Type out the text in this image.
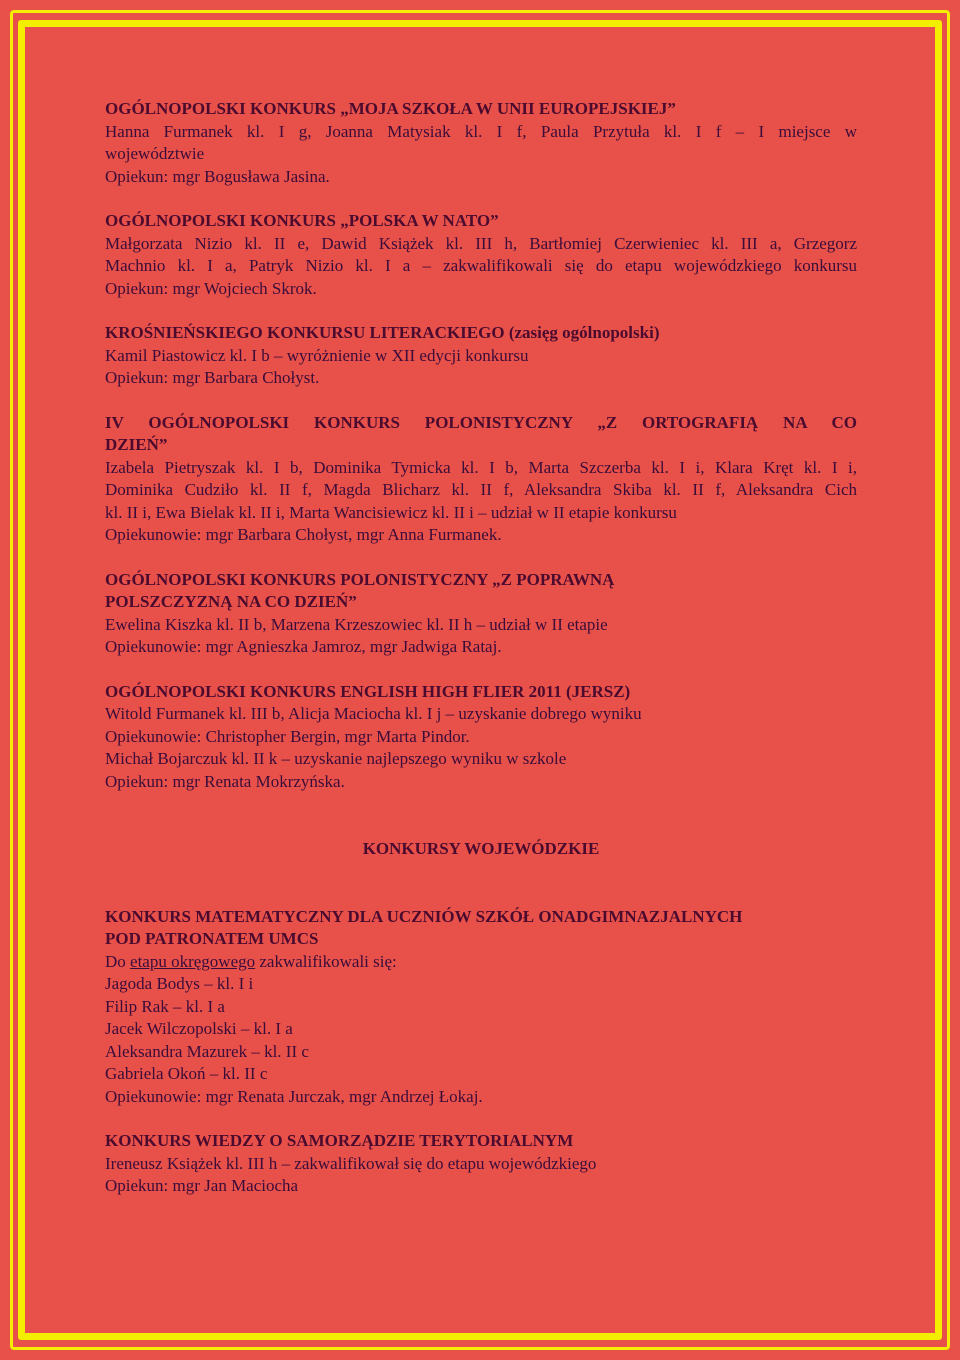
OGÓLNOPOLSKI KONKURS „MOJA SZKOŁA W UNII EUROPEJSKIEJ”
Hanna Furmanek kl. I g, Joanna Matysiak kl. I f, Paula Przytuła kl. I f – I miejsce w
województwie
Opiekun: mgr Bogusława Jasina.
OGÓLNOPOLSKI KONKURS „POLSKA W NATO”
Małgorzata Nizio kl. II e, Dawid Książek kl. III h, Bartłomiej Czerwieniec kl. III a, Grzegorz
Machnio kl. I a, Patryk Nizio kl. I a – zakwalifikowali się do etapu wojewódzkiego konkursu
Opiekun: mgr Wojciech Skrok.
KROŚNIEŃSKIEGO KONKURSU LITERACKIEGO (zasięg ogólnopolski)
Kamil Piastowicz kl. I b – wyróżnienie w XII edycji konkursu
Opiekun: mgr Barbara Chołyst.
IV OGÓLNOPOLSKI KONKURS POLONISTYCZNY „Z ORTOGRAFIĄ NA CO
DZIEŃ”
Izabela Pietryszak kl. I b, Dominika Tymicka kl. I b, Marta Szczerba kl. I i, Klara Kręt kl. I i,
Dominika Cudziło kl. II f, Magda Blicharz kl. II f, Aleksandra Skiba kl. II f, Aleksandra Cich
kl. II i, Ewa Bielak kl. II i, Marta Wancisiewicz kl. II i – udział w II etapie konkursu
Opiekunowie: mgr Barbara Chołyst, mgr Anna Furmanek.
OGÓLNOPOLSKI KONKURS POLONISTYCZNY „Z POPRAWNĄ
POLSZCZYZNĄ NA CO DZIEŃ”
Ewelina Kiszka kl. II b, Marzena Krzeszowiec kl. II h – udział w II etapie
Opiekunowie: mgr Agnieszka Jamroz, mgr Jadwiga Rataj.
OGÓLNOPOLSKI KONKURS ENGLISH HIGH FLIER 2011 (JERSZ)
Witold Furmanek kl. III b, Alicja Maciocha kl. I j – uzyskanie dobrego wyniku
Opiekunowie: Christopher Bergin, mgr Marta Pindor.
Michał Bojarczuk kl. II k – uzyskanie najlepszego wyniku w szkole
Opiekun: mgr Renata Mokrzyńska.
KONKURSY WOJEWÓDZKIE
KONKURS MATEMATYCZNY DLA UCZNIÓW SZKÓŁ ONADGIMNAZJALNYCH
POD PATRONATEM UMCS
Do etapu okręgowego zakwalifikowali się:
Jagoda Bodys – kl. I i
Filip Rak – kl. I a
Jacek Wilczopolski – kl. I a
Aleksandra Mazurek – kl. II c
Gabriela Okoń – kl. II c
Opiekunowie: mgr Renata Jurczak, mgr Andrzej Łokaj.
KONKURS WIEDZY O SAMORZĄDZIE TERYTORIALNYM
Ireneusz Książek kl. III h – zakwalifikował się do etapu wojewódzkiego
Opiekun: mgr Jan Maciocha
